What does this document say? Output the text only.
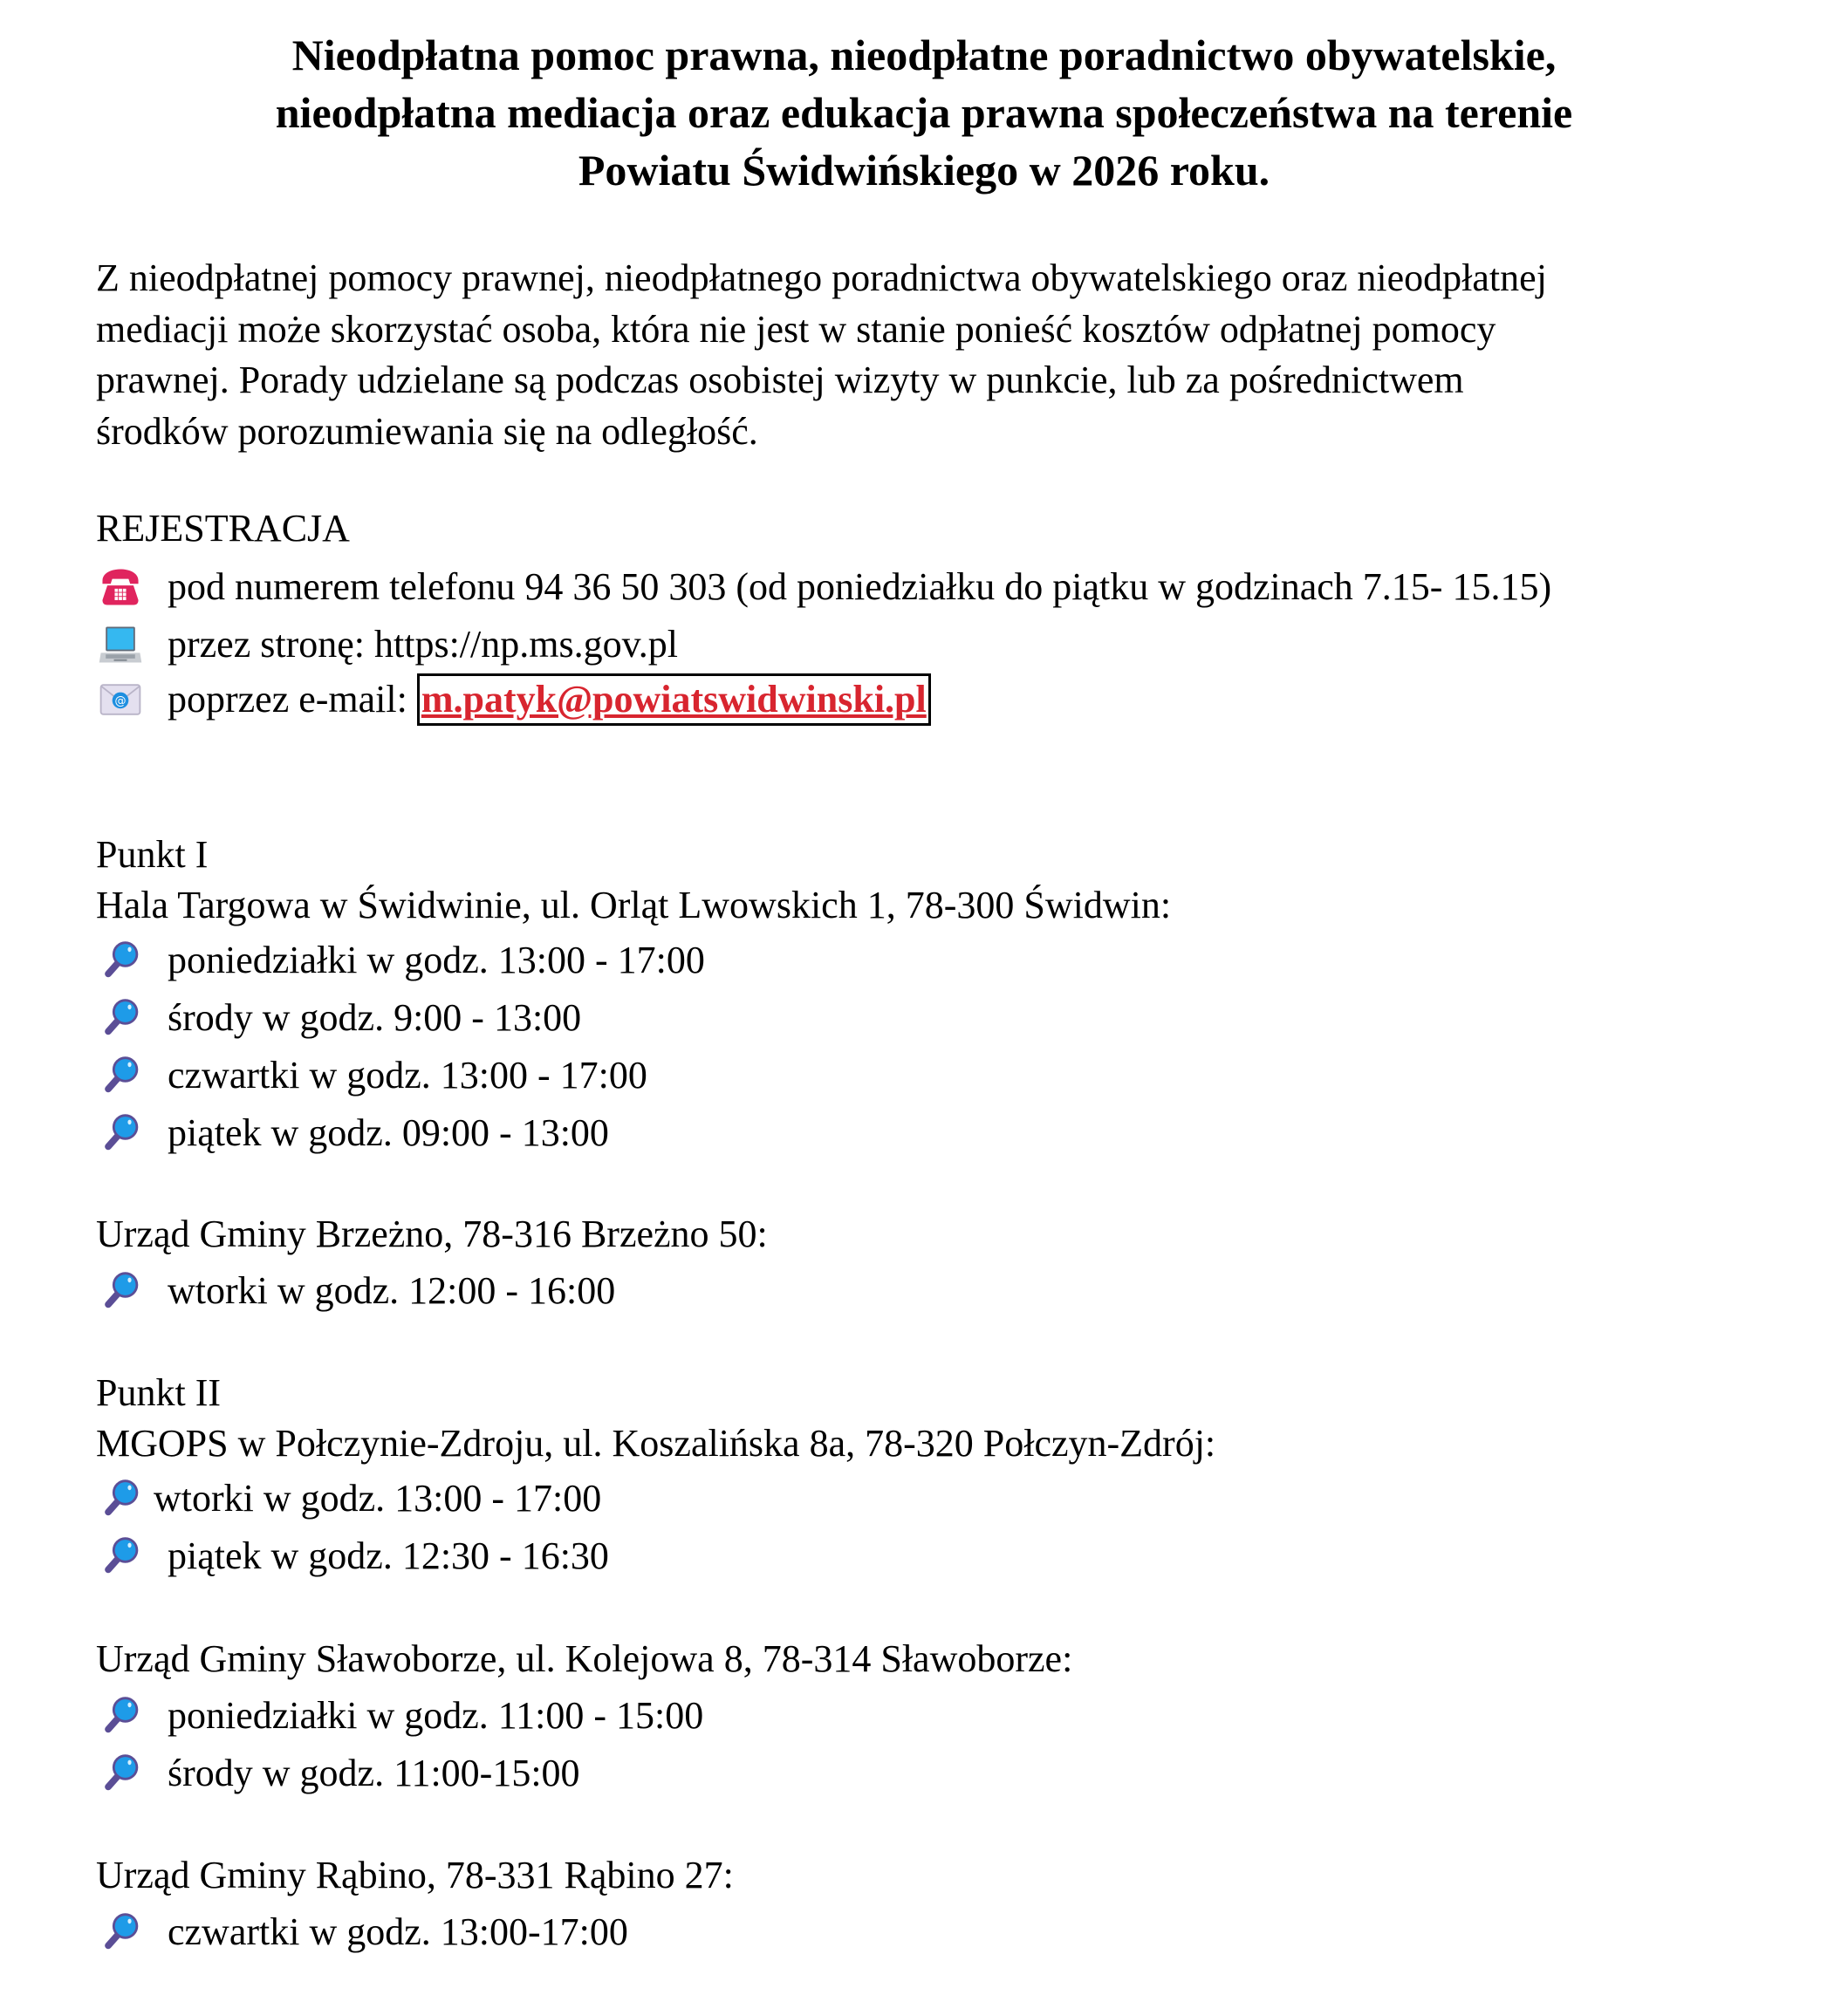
Nieodpłatna pomoc prawna, nieodpłatne poradnictwo obywatelskie,
nieodpłatna mediacja oraz edukacja prawna społeczeństwa na terenie
Powiatu Świdwińskiego w 2026 roku.
Z nieodpłatnej pomocy prawnej, nieodpłatnego poradnictwa obywatelskiego oraz nieodpłatnej
mediacji może skorzystać osoba, która nie jest w stanie ponieść kosztów odpłatnej pomocy
prawnej. Porady udzielane są podczas osobistej wizyty w punkcie, lub za pośrednictwem
środków porozumiewania się na odległość.
REJESTRACJA
pod numerem telefonu 94 36 50 303 (od poniedziałku do piątku w godzinach 7.15- 15.15)
przez stronę: https://np.ms.gov.pl
@ poprzez e-mail: m.patyk@powiatswidwinski.pl
Punkt I
Hala Targowa w Świdwinie, ul. Orląt Lwowskich 1, 78-300 Świdwin:
poniedziałki w godz. 13:00 - 17:00
środy w godz. 9:00 - 13:00
czwartki w godz. 13:00 - 17:00
piątek w godz. 09:00 - 13:00
Urząd Gminy Brzeżno, 78-316 Brzeżno 50:
wtorki w godz. 12:00 - 16:00
Punkt II
MGOPS w Połczynie-Zdroju, ul. Koszalińska 8a, 78-320 Połczyn-Zdrój:
wtorki w godz. 13:00 - 17:00
piątek w godz. 12:30 - 16:30
Urząd Gminy Sławoborze, ul. Kolejowa 8, 78-314 Sławoborze:
poniedziałki w godz. 11:00 - 15:00
środy w godz. 11:00-15:00
Urząd Gminy Rąbino, 78-331 Rąbino 27:
czwartki w godz. 13:00-17:00
